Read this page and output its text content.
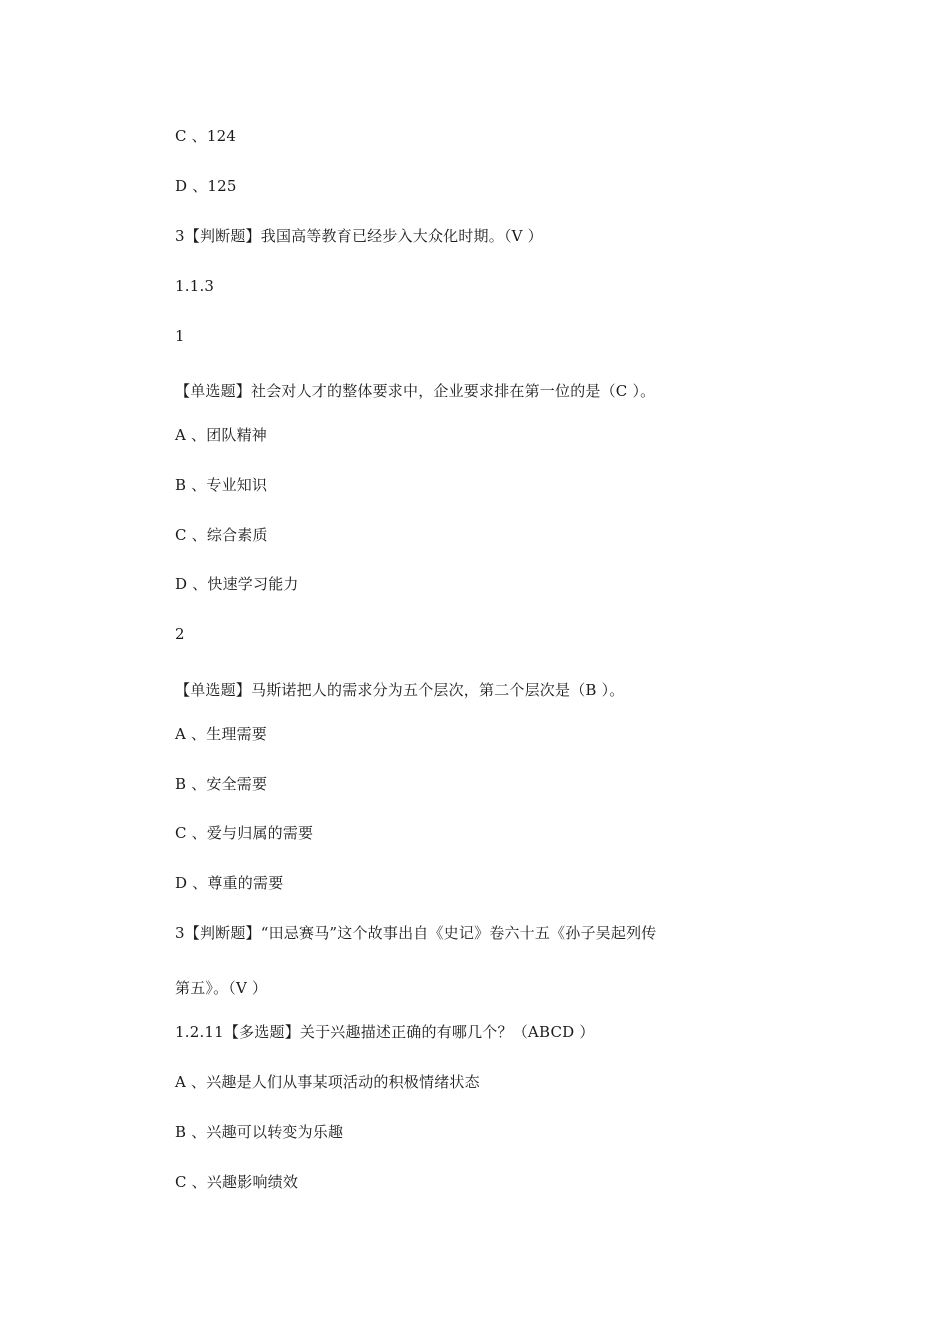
C 、124
D 、125
3【判断题】我国高等教育已经步入大众化时期。（V ）
1.1.3
1
【单选题】社会对人才的整体要求中，企业要求排在第一位的是（C ）。
A 、团队精神
B 、专业知识
C 、综合素质
D 、快速学习能力
2
【单选题】马斯诺把人的需求分为五个层次，第二个层次是（B ）。
A 、生理需要
B 、安全需要
C 、爱与归属的需要
D 、尊重的需要
3【判断题】“田忌赛马”这个故事出自《史记》卷六十五《孙子吴起列传
第五》。（V ）
1.2.11【多选题】关于兴趣描述正确的有哪几个？（ABCD ）
A 、兴趣是人们从事某项活动的积极情绪状态
B 、兴趣可以转变为乐趣
C 、兴趣影响绩效
